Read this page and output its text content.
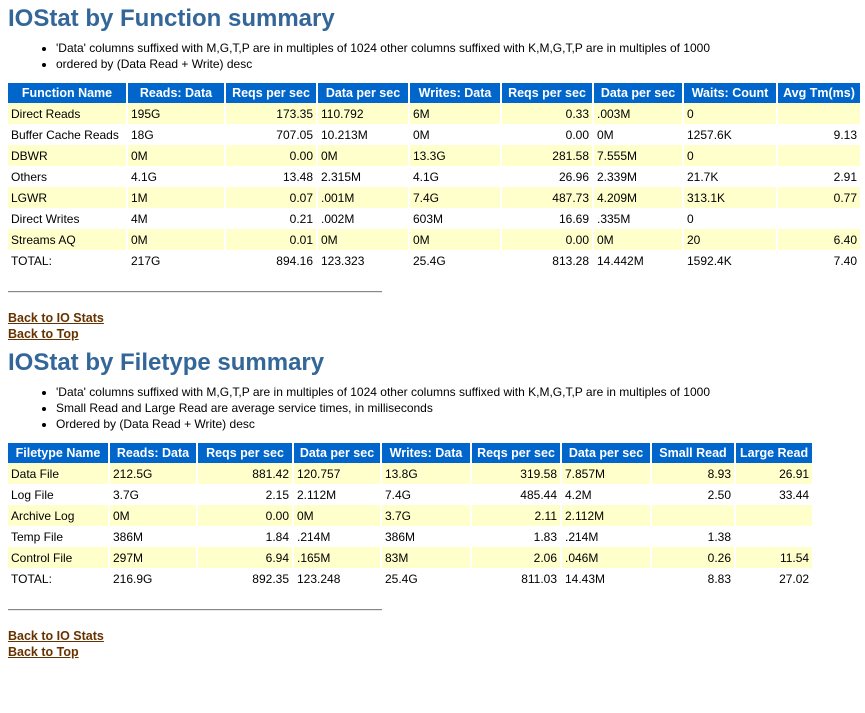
IOStat by Function summary
• 'Data' columns suffixed with M,G,T,P are in multiples of 1024 other columns suffixed with K,M,G,T,P are in multiples of 1000
• ordered by (Data Read + Write) desc
Function Name	Reads: Data	Reqs per sec	Data per sec	Writes: Data	Reqs per sec	Data per sec	Waits: Count	Avg Tm(ms)
Direct Reads	195G	173.35	110.792	6M	0.33	.003M	0	
Buffer Cache Reads	18G	707.05	10.213M	0M	0.00	0M	1257.6K	9.13
DBWR	0M	0.00	0M	13.3G	281.58	7.555M	0	
Others	4.1G	13.48	2.315M	4.1G	26.96	2.339M	21.7K	2.91
LGWR	1M	0.07	.001M	7.4G	487.73	4.209M	313.1K	0.77
Direct Writes	4M	0.21	.002M	603M	16.69	.335M	0	
Streams AQ	0M	0.01	0M	0M	0.00	0M	20	6.40
TOTAL:	217G	894.16	123.323	25.4G	813.28	14.442M	1592.4K	7.40
Back to IO Stats
Back to Top
IOStat by Filetype summary
• 'Data' columns suffixed with M,G,T,P are in multiples of 1024 other columns suffixed with K,M,G,T,P are in multiples of 1000
• Small Read and Large Read are average service times, in milliseconds
• Ordered by (Data Read + Write) desc
Filetype Name	Reads: Data	Reqs per sec	Data per sec	Writes: Data	Reqs per sec	Data per sec	Small Read	Large Read
Data File	212.5G	881.42	120.757	13.8G	319.58	7.857M	8.93	26.91
Log File	3.7G	2.15	2.112M	7.4G	485.44	4.2M	2.50	33.44
Archive Log	0M	0.00	0M	3.7G	2.11	2.112M		
Temp File	386M	1.84	.214M	386M	1.83	.214M	1.38	
Control File	297M	6.94	.165M	83M	2.06	.046M	0.26	11.54
TOTAL:	216.9G	892.35	123.248	25.4G	811.03	14.43M	8.83	27.02
Back to IO Stats
Back to Top
